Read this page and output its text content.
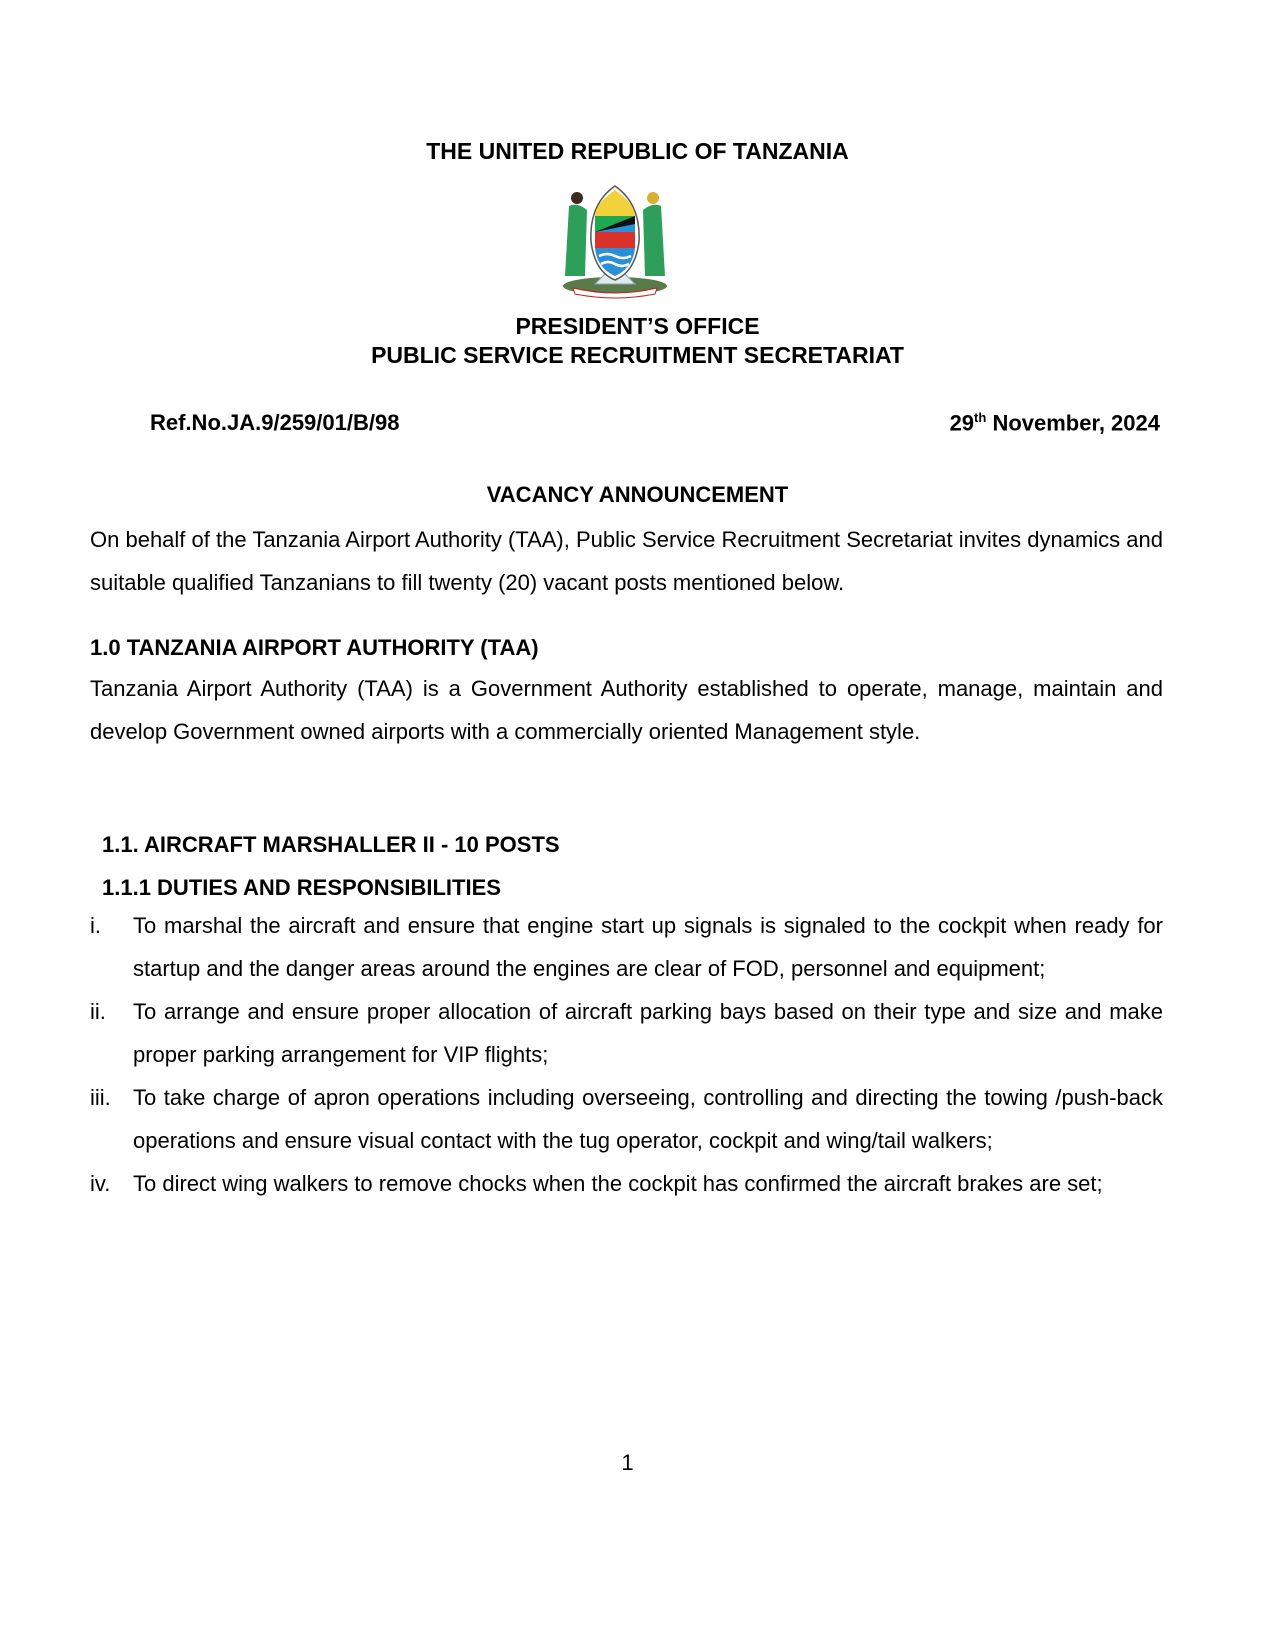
THE UNITED REPUBLIC OF TANZANIA
PRESIDENT’S OFFICE
PUBLIC SERVICE RECRUITMENT SECRETARIAT
Ref.No.JA.9/259/01/B/98	29th November, 2024
VACANCY ANNOUNCEMENT
On behalf of the Tanzania Airport Authority (TAA), Public Service Recruitment Secretariat invites dynamics and suitable qualified Tanzanians to fill twenty (20) vacant posts mentioned below.
1.0 TANZANIA AIRPORT AUTHORITY (TAA)
Tanzania Airport Authority (TAA) is a Government Authority established to operate, manage, maintain and develop Government owned airports with a commercially oriented Management style.
1.1. AIRCRAFT MARSHALLER II - 10 POSTS
1.1.1 DUTIES AND RESPONSIBILITIES
i.	To marshal the aircraft and ensure that engine start up signals is signaled to the cockpit when ready for startup and the danger areas around the engines are clear of FOD, personnel and equipment;
ii.	To arrange and ensure proper allocation of aircraft parking bays based on their type and size and make proper parking arrangement for VIP flights;
iii.	To take charge of apron operations including overseeing, controlling and directing the towing /push-back operations and ensure visual contact with the tug operator, cockpit and wing/tail walkers;
iv.	To direct wing walkers to remove chocks when the cockpit has confirmed the aircraft brakes are set;
1
